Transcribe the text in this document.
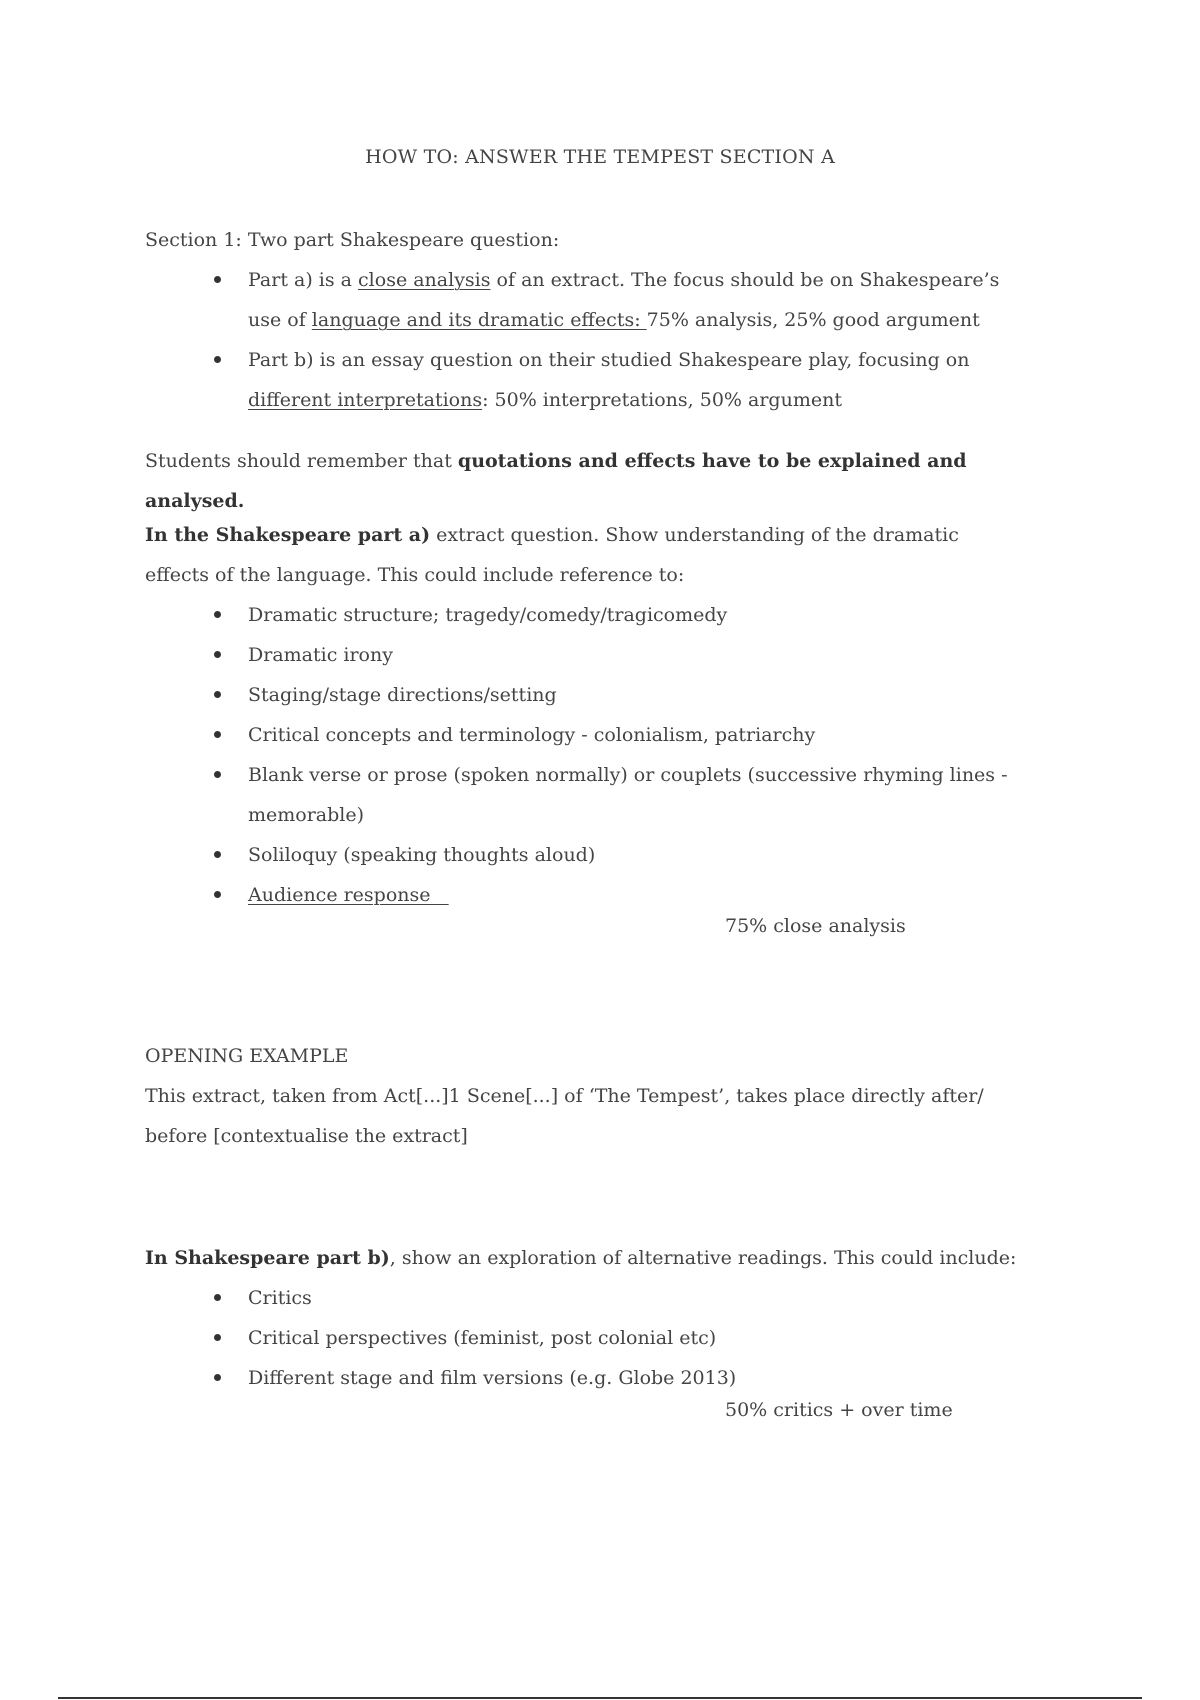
HOW TO: ANSWER THE TEMPEST SECTION A

Section 1: Two part Shakespeare question:

Part a) is a close analysis of an extract. The focus should be on Shakespeare’s use of language and its dramatic effects: 75% analysis, 25% good argument
Part b) is an essay question on their studied Shakespeare play, focusing on different interpretations: 50% interpretations, 50% argument
Students should remember that quotations and effects have to be explained and analysed.

In the Shakespeare part a) extract question. Show understanding of the dramatic effects of the language. This could include reference to:

Dramatic structure; tragedy/comedy/tragicomedy
Dramatic irony
Staging/stage directions/setting
Critical concepts and terminology - colonialism, patriarchy
Blank verse or prose (spoken normally) or couplets (successive rhyming lines - memorable)
Soliloquy (speaking thoughts aloud)
Audience response
75% close analysis

OPENING EXAMPLE

This extract, taken from Act[...]1 Scene[...] of ‘The Tempest’, takes place directly after/ before [contextualise the extract]

In Shakespeare part b), show an exploration of alternative readings. This could include:

Critics
Critical perspectives (feminist, post colonial etc)
Different stage and film versions (e.g. Globe 2013)
50% critics + over time
